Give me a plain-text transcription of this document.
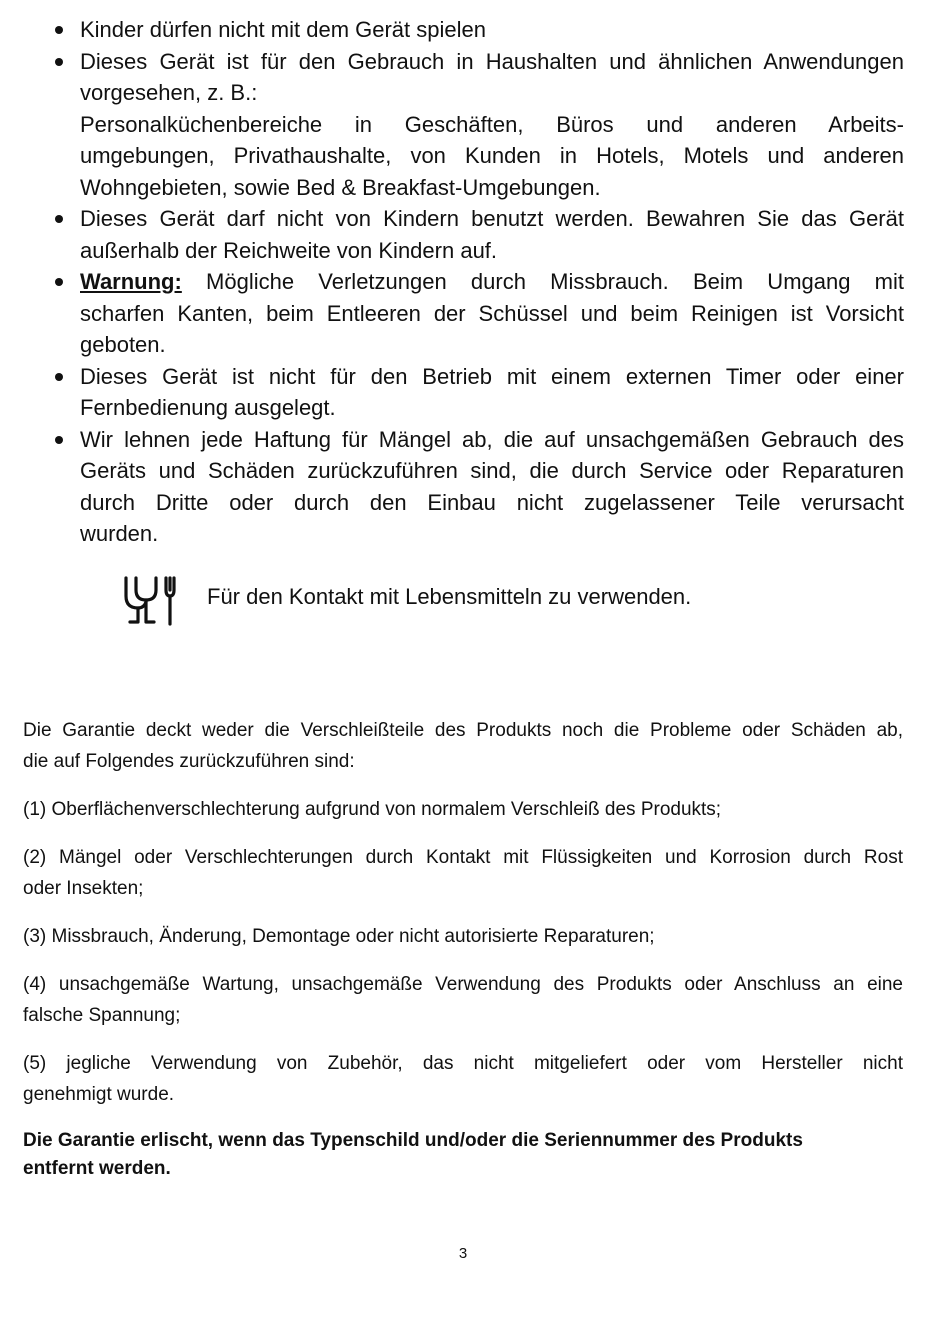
Kinder dürfen nicht mit dem Gerät spielen
Dieses Gerät ist für den Gebrauch in Haushalten und ähnlichen Anwendungen
vorgesehen, z. B.:
Personalküchenbereiche in Geschäften, Büros und anderen Arbeits-
umgebungen, Privathaushalte, von Kunden in Hotels, Motels und anderen
Wohngebieten, sowie Bed & Breakfast-Umgebungen.
Dieses Gerät darf nicht von Kindern benutzt werden. Bewahren Sie das Gerät
außerhalb der Reichweite von Kindern auf.
Warnung: Mögliche Verletzungen durch Missbrauch. Beim Umgang mit
scharfen Kanten, beim Entleeren der Schüssel und beim Reinigen ist Vorsicht
geboten.
Dieses Gerät ist nicht für den Betrieb mit einem externen Timer oder einer
Fernbedienung ausgelegt.
Wir lehnen jede Haftung für Mängel ab, die auf unsachgemäßen Gebrauch des
Geräts und Schäden zurückzuführen sind, die durch Service oder Reparaturen
durch Dritte oder durch den Einbau nicht zugelassener Teile verursacht
wurden.
Für den Kontakt mit Lebensmitteln zu verwenden.

Die Garantie deckt weder die Verschleißteile des Produkts noch die Probleme oder Schäden ab,
die auf Folgendes zurückzuführen sind:

(1) Oberflächenverschlechterung aufgrund von normalem Verschleiß des Produkts;

(2) Mängel oder Verschlechterungen durch Kontakt mit Flüssigkeiten und Korrosion durch Rost
oder Insekten;

(3) Missbrauch, Änderung, Demontage oder nicht autorisierte Reparaturen;

(4) unsachgemäße Wartung, unsachgemäße Verwendung des Produkts oder Anschluss an eine
falsche Spannung;

(5) jegliche Verwendung von Zubehör, das nicht mitgeliefert oder vom Hersteller nicht
genehmigt wurde.

Die Garantie erlischt, wenn das Typenschild und/oder die Seriennummer des Produkts
entfernt werden.

3
